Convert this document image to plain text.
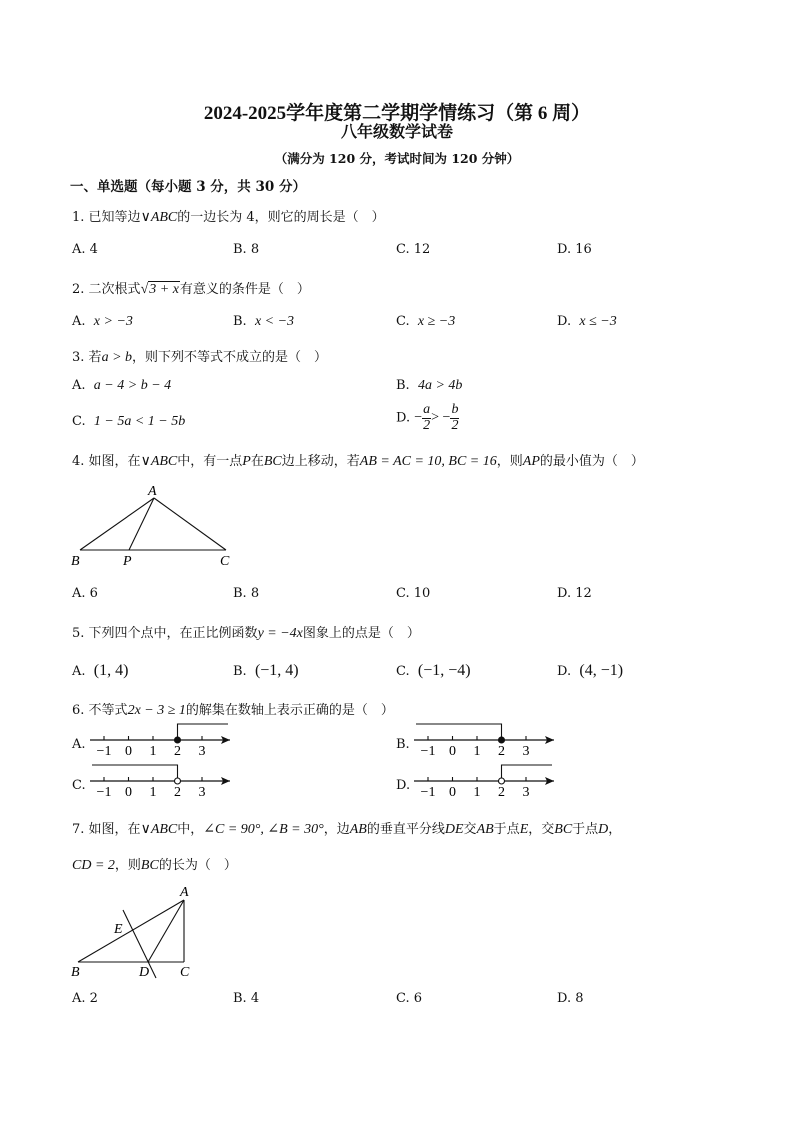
2024-2025学年度第二学期学情练习（第 6 周）
八年级数学试卷
（满分为 120 分，考试时间为 120 分钟）
一、单选题（每小题 3 分，共 30 分）
1. 已知等边∨ABC的一边长为 4，则它的周长是（　）
A. 4	B. 8	C. 12	D. 16
2. 二次根式√3 + x有意义的条件是（　）
A. x > −3	B. x < −3	C. x ≥ −3	D. x ≤ −3
3. 若a > b，则下列不等式不成立的是（　）
A. a − 4 > b − 4	B. 4a > 4b
C. 1 − 5a < 1 − 5b	D. − $\frac{a}{2}$ > − $\frac{b}{2}$
4. 如图，在∨ABC中，有一点P在BC边上移动，若AB = AC = 10, BC = 16，则AP的最小值为（　）
A
B	P	C
A. 6	B. 8	C. 10	D. 12
5. 下列四个点中，在正比例函数y = −4x图象上的点是（　）
A. (1, 4)	B. (−1, 4)	C. (−1, −4)	D. (4, −1)
6. 不等式2x − 3 ≥ 1的解集在数轴上表示正确的是（　）
A. −1 0 1 2 3	B. −1 0 1 2 3
C. −1 0 1 2 3	D. −1 0 1 2 3
7. 如图，在∨ABC中，∠C = 90°, ∠B = 30°，边AB的垂直平分线DE交AB于点E，交BC于点D，
CD = 2，则BC的长为（　）
A
E
B	D C
A. 2	B. 4	C. 6	D. 8
